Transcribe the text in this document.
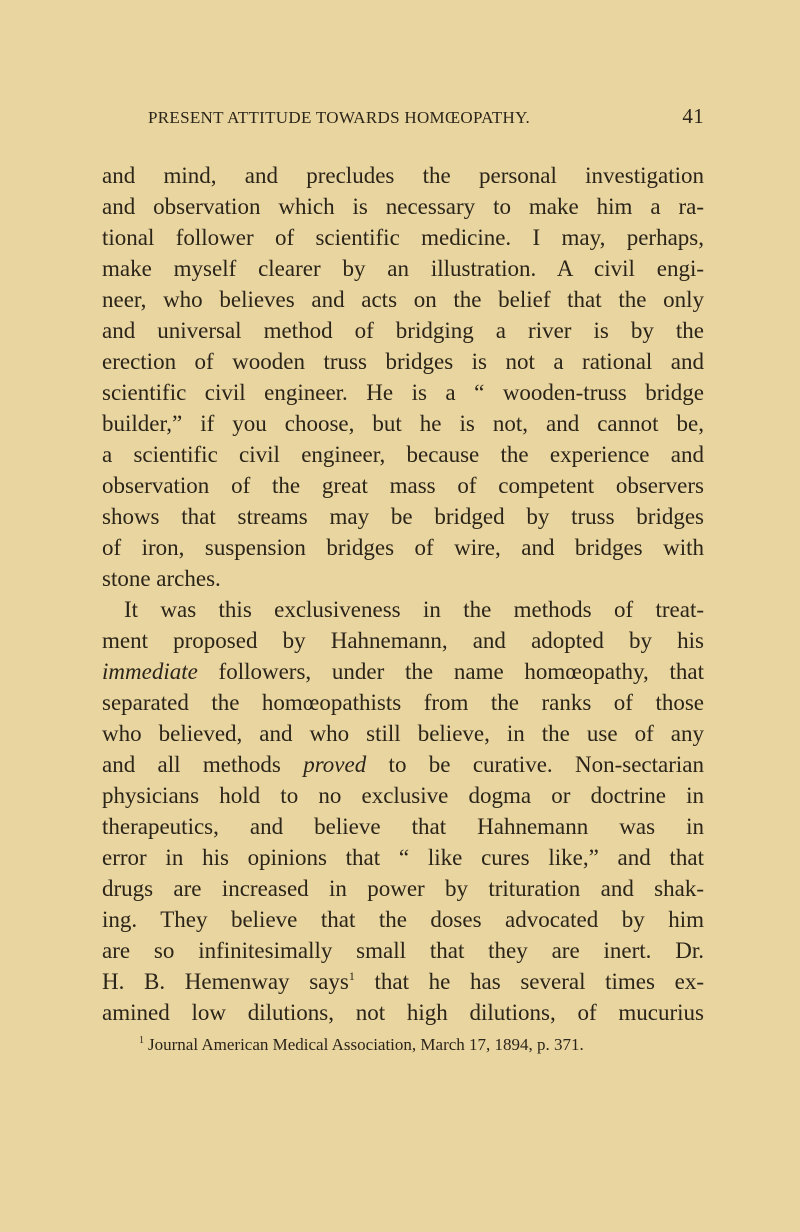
PRESENT ATTITUDE TOWARDS HOMŒOPATHY.	41
and mind, and precludes the personal investigation
and observation which is necessary to make him a ra-
tional follower of scientific medicine. I may, perhaps,
make myself clearer by an illustration. A civil engi-
neer, who believes and acts on the belief that the only
and universal method of bridging a river is by the
erection of wooden truss bridges is not a rational and
scientific civil engineer. He is a “ wooden-truss bridge
builder,” if you choose, but he is not, and cannot be,
a scientific civil engineer, because the experience and
observation of the great mass of competent observers
shows that streams may be bridged by truss bridges
of iron, suspension bridges of wire, and bridges with
stone arches.
It was this exclusiveness in the methods of treat-
ment proposed by Hahnemann, and adopted by his
immediate followers, under the name homœopathy, that
separated the homœopathists from the ranks of those
who believed, and who still believe, in the use of any
and all methods proved to be curative. Non-sectarian
physicians hold to no exclusive dogma or doctrine in
therapeutics, and believe that Hahnemann was in
error in his opinions that “ like cures like,” and that
drugs are increased in power by trituration and shak-
ing. They believe that the doses advocated by him
are so infinitesimally small that they are inert. Dr.
H. B. Hemenway says$^1$ that he has several times ex-
amined low dilutions, not high dilutions, of mucurius
$^1$ Journal American Medical Association, March 17, 1894, p. 371.
